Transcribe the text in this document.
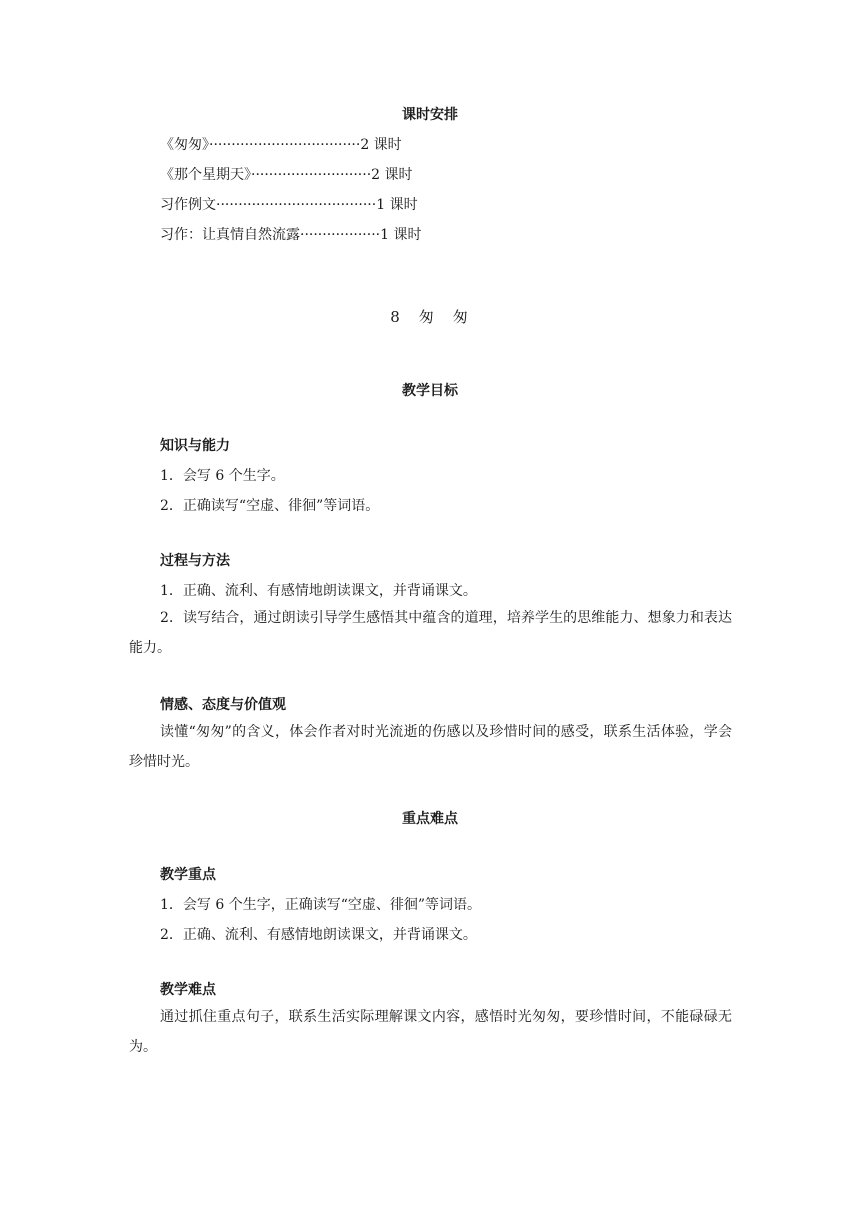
课时安排
《匆匆》··································2 课时
《那个星期天》···························2 课时
习作例文····································1 课时
习作：让真情自然流露··················1 课时
8　匆　匆
教学目标
知识与能力
1．会写 6 个生字。
2．正确读写“空虚、徘徊”等词语。
过程与方法
1．正确、流利、有感情地朗读课文，并背诵课文。
2．读写结合，通过朗读引导学生感悟其中蕴含的道理，培养学生的思维能力、想象力和表达能力。
情感、态度与价值观
读懂“匆匆”的含义，体会作者对时光流逝的伤感以及珍惜时间的感受，联系生活体验，学会珍惜时光。
重点难点
教学重点
1．会写 6 个生字，正确读写“空虚、徘徊”等词语。
2．正确、流利、有感情地朗读课文，并背诵课文。
教学难点
通过抓住重点句子，联系生活实际理解课文内容，感悟时光匆匆，要珍惜时间，不能碌碌无为。
